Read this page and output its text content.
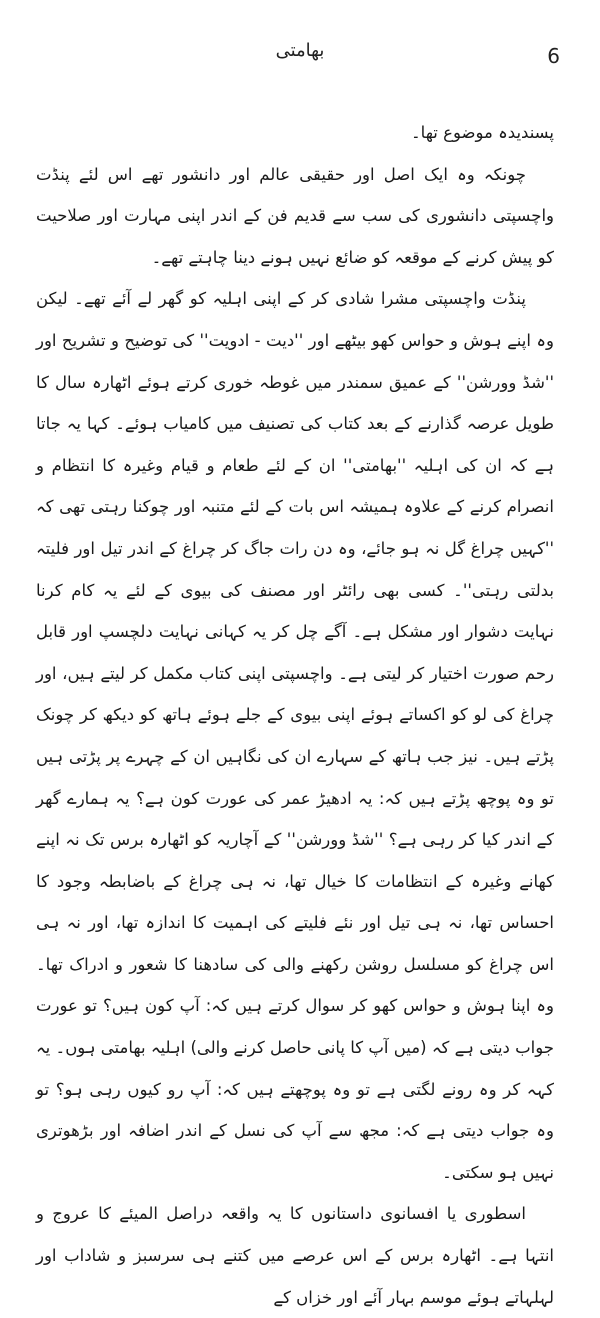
6
بھامتی

پسندیدہ موضوع تھا۔

چونکہ وہ ایک اصل اور حقیقی عالم اور دانشور تھے اس لئے پنڈت واچسپتی دانشوری کی سب سے قدیم فن کے اندر اپنی مہارت اور صلاحیت کو پیش کرنے کے موقعہ کو ضائع نہیں ہونے دینا چاہتے تھے۔

پنڈت واچسپتی مشرا شادی کر کے اپنی اہلیہ کو گھر لے آئے تھے۔ لیکن وہ اپنے ہوش و حواس کھو بیٹھے اور ''دیت - ادویت'' کی توضیح و تشریح اور ''شڈ وورشن'' کے عمیق سمندر میں غوطہ خوری کرتے ہوئے اٹھارہ سال کا طویل عرصہ گذارنے کے بعد کتاب کی تصنیف میں کامیاب ہوئے۔ کہا یہ جاتا ہے کہ ان کی اہلیہ ''بھامتی'' ان کے لئے طعام و قیام وغیرہ کا انتظام و انصرام کرنے کے علاوہ ہمیشہ اس بات کے لئے متنبہ اور چوکنا رہتی تھی کہ ''کہیں چراغ گل نہ ہو جائے، وہ دن رات جاگ کر چراغ کے اندر تیل اور فلیتہ بدلتی رہتی''۔ کسی بھی رائٹر اور مصنف کی بیوی کے لئے یہ کام کرنا نہایت دشوار اور مشکل ہے۔ آگے چل کر یہ کہانی نہایت دلچسپ اور قابل رحم صورت اختیار کر لیتی ہے۔ واچسپتی اپنی کتاب مکمل کر لیتے ہیں، اور چراغ کی لو کو اکساتے ہوئے اپنی بیوی کے جلے ہوئے ہاتھ کو دیکھ کر چونک پڑتے ہیں۔ نیز جب ہاتھ کے سہارے ان کی نگاہیں ان کے چہرے پر پڑتی ہیں تو وہ پوچھ پڑتے ہیں کہ: یہ ادھیڑ عمر کی عورت کون ہے؟ یہ ہمارے گھر کے اندر کیا کر رہی ہے؟ ''شڈ وورشن'' کے آچاریہ کو اٹھارہ برس تک نہ اپنے کھانے وغیرہ کے انتظامات کا خیال تھا، نہ ہی چراغ کے باضابطہ وجود کا احساس تھا، نہ ہی تیل اور نئے فلیتے کی اہمیت کا اندازہ تھا، اور نہ ہی اس چراغ کو مسلسل روشن رکھنے والی کی سادھنا کا شعور و ادراک تھا۔ وہ اپنا ہوش و حواس کھو کر سوال کرتے ہیں کہ: آپ کون ہیں؟ تو عورت جواب دیتی ہے کہ (میں آپ کا پانی حاصل کرنے والی) اہلیہ بھامتی ہوں۔ یہ کہہ کر وہ رونے لگتی ہے تو وہ پوچھتے ہیں کہ: آپ رو کیوں رہی ہو؟ تو وہ جواب دیتی ہے کہ: مجھ سے آپ کی نسل کے اندر اضافہ اور بڑھوتری نہیں ہو سکتی۔

اسطوری یا افسانوی داستانوں کا یہ واقعہ دراصل المیئے کا عروج و انتہا ہے۔ اٹھارہ برس کے اس عرصے میں کتنے ہی سرسبز و شاداب اور لہلہاتے ہوئے موسم بہار آئے اور خزاں کے
